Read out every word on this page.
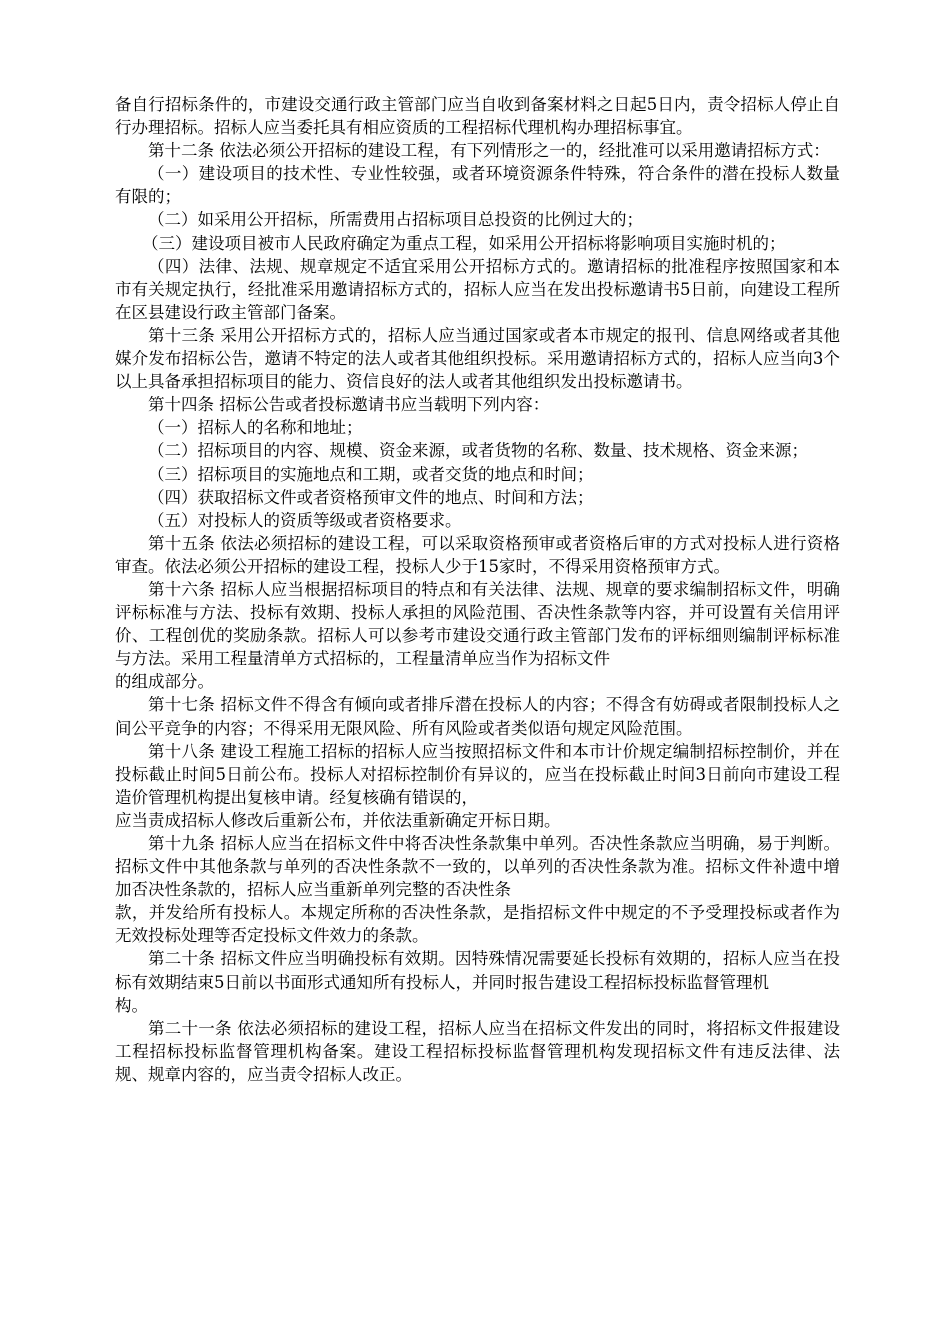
备自行招标条件的，市建设交通行政主管部门应当自收到备案材料之日起5日内，责令招标人停止自行办理招标。招标人应当委托具有相应资质的工程招标代理机构办理招标事宜。

第十二条 依法必须公开招标的建设工程，有下列情形之一的，经批准可以采用邀请招标方式：

（一）建设项目的技术性、专业性较强，或者环境资源条件特殊，符合条件的潜在投标人数量有限的；

（二）如采用公开招标，所需费用占招标项目总投资的比例过大的；

（三）建设项目被市人民政府确定为重点工程，如采用公开招标将影响项目实施时机的；

（四）法律、法规、规章规定不适宜采用公开招标方式的。邀请招标的批准程序按照国家和本市有关规定执行，经批准采用邀请招标方式的，招标人应当在发出投标邀请书5日前，向建设工程所在区县建设行政主管部门备案。

第十三条 采用公开招标方式的，招标人应当通过国家或者本市规定的报刊、信息网络或者其他媒介发布招标公告，邀请不特定的法人或者其他组织投标。采用邀请招标方式的，招标人应当向3个以上具备承担招标项目的能力、资信良好的法人或者其他组织发出投标邀请书。

第十四条 招标公告或者投标邀请书应当载明下列内容：

（一）招标人的名称和地址；

（二）招标项目的内容、规模、资金来源，或者货物的名称、数量、技术规格、资金来源；

（三）招标项目的实施地点和工期，或者交货的地点和时间；

（四）获取招标文件或者资格预审文件的地点、时间和方法；

（五）对投标人的资质等级或者资格要求。

第十五条 依法必须招标的建设工程，可以采取资格预审或者资格后审的方式对投标人进行资格审查。依法必须公开招标的建设工程，投标人少于15家时，不得采用资格预审方式。

第十六条 招标人应当根据招标项目的特点和有关法律、法规、规章的要求编制招标文件，明确评标标准与方法、投标有效期、投标人承担的风险范围、否决性条款等内容，并可设置有关信用评价、工程创优的奖励条款。招标人可以参考市建设交通行政主管部门发布的评标细则编制评标标准与方法。采用工程量清单方式招标的，工程量清单应当作为招标文件

的组成部分。

第十七条 招标文件不得含有倾向或者排斥潜在投标人的内容；不得含有妨碍或者限制投标人之间公平竞争的内容；不得采用无限风险、所有风险或者类似语句规定风险范围。

第十八条 建设工程施工招标的招标人应当按照招标文件和本市计价规定编制招标控制价，并在投标截止时间5日前公布。投标人对招标控制价有异议的，应当在投标截止时间3日前向市建设工程造价管理机构提出复核申请。经复核确有错误的，

应当责成招标人修改后重新公布，并依法重新确定开标日期。

第十九条 招标人应当在招标文件中将否决性条款集中单列。否决性条款应当明确，易于判断。招标文件中其他条款与单列的否决性条款不一致的，以单列的否决性条款为准。招标文件补遗中增加否决性条款的，招标人应当重新单列完整的否决性条

款，并发给所有投标人。本规定所称的否决性条款，是指招标文件中规定的不予受理投标或者作为无效投标处理等否定投标文件效力的条款。

第二十条 招标文件应当明确投标有效期。因特殊情况需要延长投标有效期的，招标人应当在投标有效期结束5日前以书面形式通知所有投标人，并同时报告建设工程招标投标监督管理机

构。

第二十一条 依法必须招标的建设工程，招标人应当在招标文件发出的同时，将招标文件报建设工程招标投标监督管理机构备案。建设工程招标投标监督管理机构发现招标文件有违反法律、法规、规章内容的，应当责令招标人改正。
